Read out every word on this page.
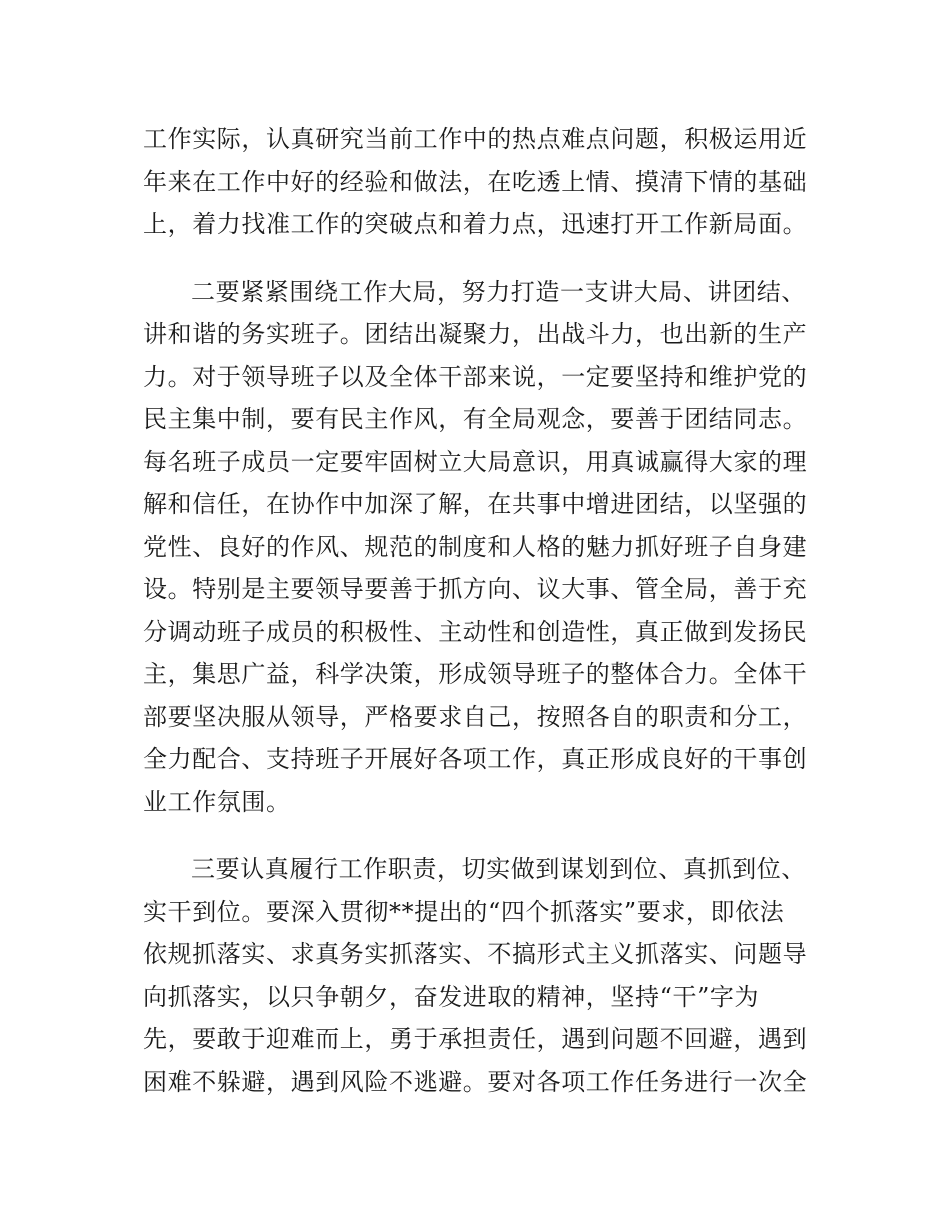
工作实际，认真研究当前工作中的热点难点问题，积极运用近
年来在工作中好的经验和做法，在吃透上情、摸清下情的基础
上，着力找准工作的突破点和着力点，迅速打开工作新局面。
二要紧紧围绕工作大局，努力打造一支讲大局、讲团结、
讲和谐的务实班子。团结出凝聚力，出战斗力，也出新的生产
力。对于领导班子以及全体干部来说，一定要坚持和维护党的
民主集中制，要有民主作风，有全局观念，要善于团结同志。
每名班子成员一定要牢固树立大局意识，用真诚赢得大家的理
解和信任，在协作中加深了解，在共事中增进团结，以坚强的
党性、良好的作风、规范的制度和人格的魅力抓好班子自身建
设。特别是主要领导要善于抓方向、议大事、管全局，善于充
分调动班子成员的积极性、主动性和创造性，真正做到发扬民
主，集思广益，科学决策，形成领导班子的整体合力。全体干
部要坚决服从领导，严格要求自己，按照各自的职责和分工，
全力配合、支持班子开展好各项工作，真正形成良好的干事创
业工作氛围。
三要认真履行工作职责，切实做到谋划到位、真抓到位、
实干到位。要深入贯彻**提出的“四个抓落实”要求，即依法
依规抓落实、求真务实抓落实、不搞形式主义抓落实、问题导
向抓落实，以只争朝夕，奋发进取的精神，坚持“干”字为
先，要敢于迎难而上，勇于承担责任，遇到问题不回避，遇到
困难不躲避，遇到风险不逃避。要对各项工作任务进行一次全
